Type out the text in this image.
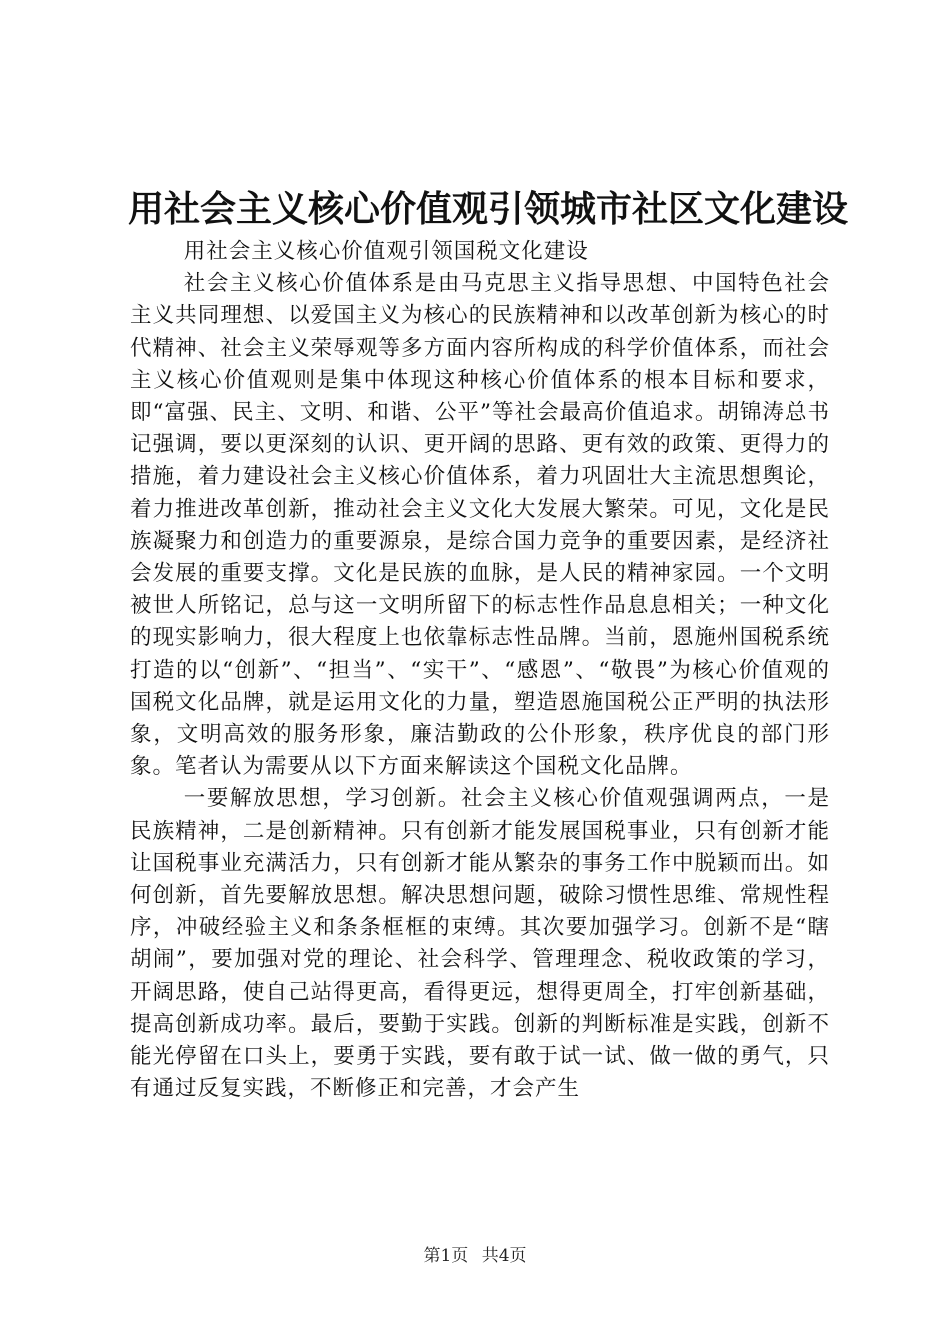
用社会主义核心价值观引领城市社区文化建设

用社会主义核心价值观引领国税文化建设

社会主义核心价值体系是由马克思主义指导思想、中国特色社会主义共同理想、以爱国主义为核心的民族精神和以改革创新为核心的时代精神、社会主义荣辱观等多方面内容所构成的科学价值体系，而社会主义核心价值观则是集中体现这种核心价值体系的根本目标和要求，即“富强、民主、文明、和谐、公平”等社会最高价值追求。胡锦涛总书记强调，要以更深刻的认识、更开阔的思路、更有效的政策、更得力的措施，着力建设社会主义核心价值体系，着力巩固壮大主流思想舆论，着力推进改革创新，推动社会主义文化大发展大繁荣。可见，文化是民族凝聚力和创造力的重要源泉，是综合国力竞争的重要因素，是经济社会发展的重要支撑。文化是民族的血脉，是人民的精神家园。一个文明被世人所铭记，总与这一文明所留下的标志性作品息息相关；一种文化的现实影响力，很大程度上也依靠标志性品牌。当前，恩施州国税系统打造的以“创新”、“担当”、“实干”、“感恩”、“敬畏”为核心价值观的国税文化品牌，就是运用文化的力量，塑造恩施国税公正严明的执法形象，文明高效的服务形象，廉洁勤政的公仆形象，秩序优良的部门形象。笔者认为需要从以下方面来解读这个国税文化品牌。

一要解放思想，学习创新。社会主义核心价值观强调两点，一是民族精神，二是创新精神。只有创新才能发展国税事业，只有创新才能让国税事业充满活力，只有创新才能从繁杂的事务工作中脱颖而出。如何创新，首先要解放思想。解决思想问题，破除习惯性思维、常规性程序，冲破经验主义和条条框框的束缚。其次要加强学习。创新不是“瞎胡闹”，要加强对党的理论、社会科学、管理理念、税收政策的学习，开阔思路，使自己站得更高，看得更远，想得更周全，打牢创新基础，提高创新成功率。最后，要勤于实践。创新的判断标准是实践，创新不能光停留在口头上，要勇于实践，要有敢于试一试、做一做的勇气，只有通过反复实践，不断修正和完善，才会产生

第1页 共4页
